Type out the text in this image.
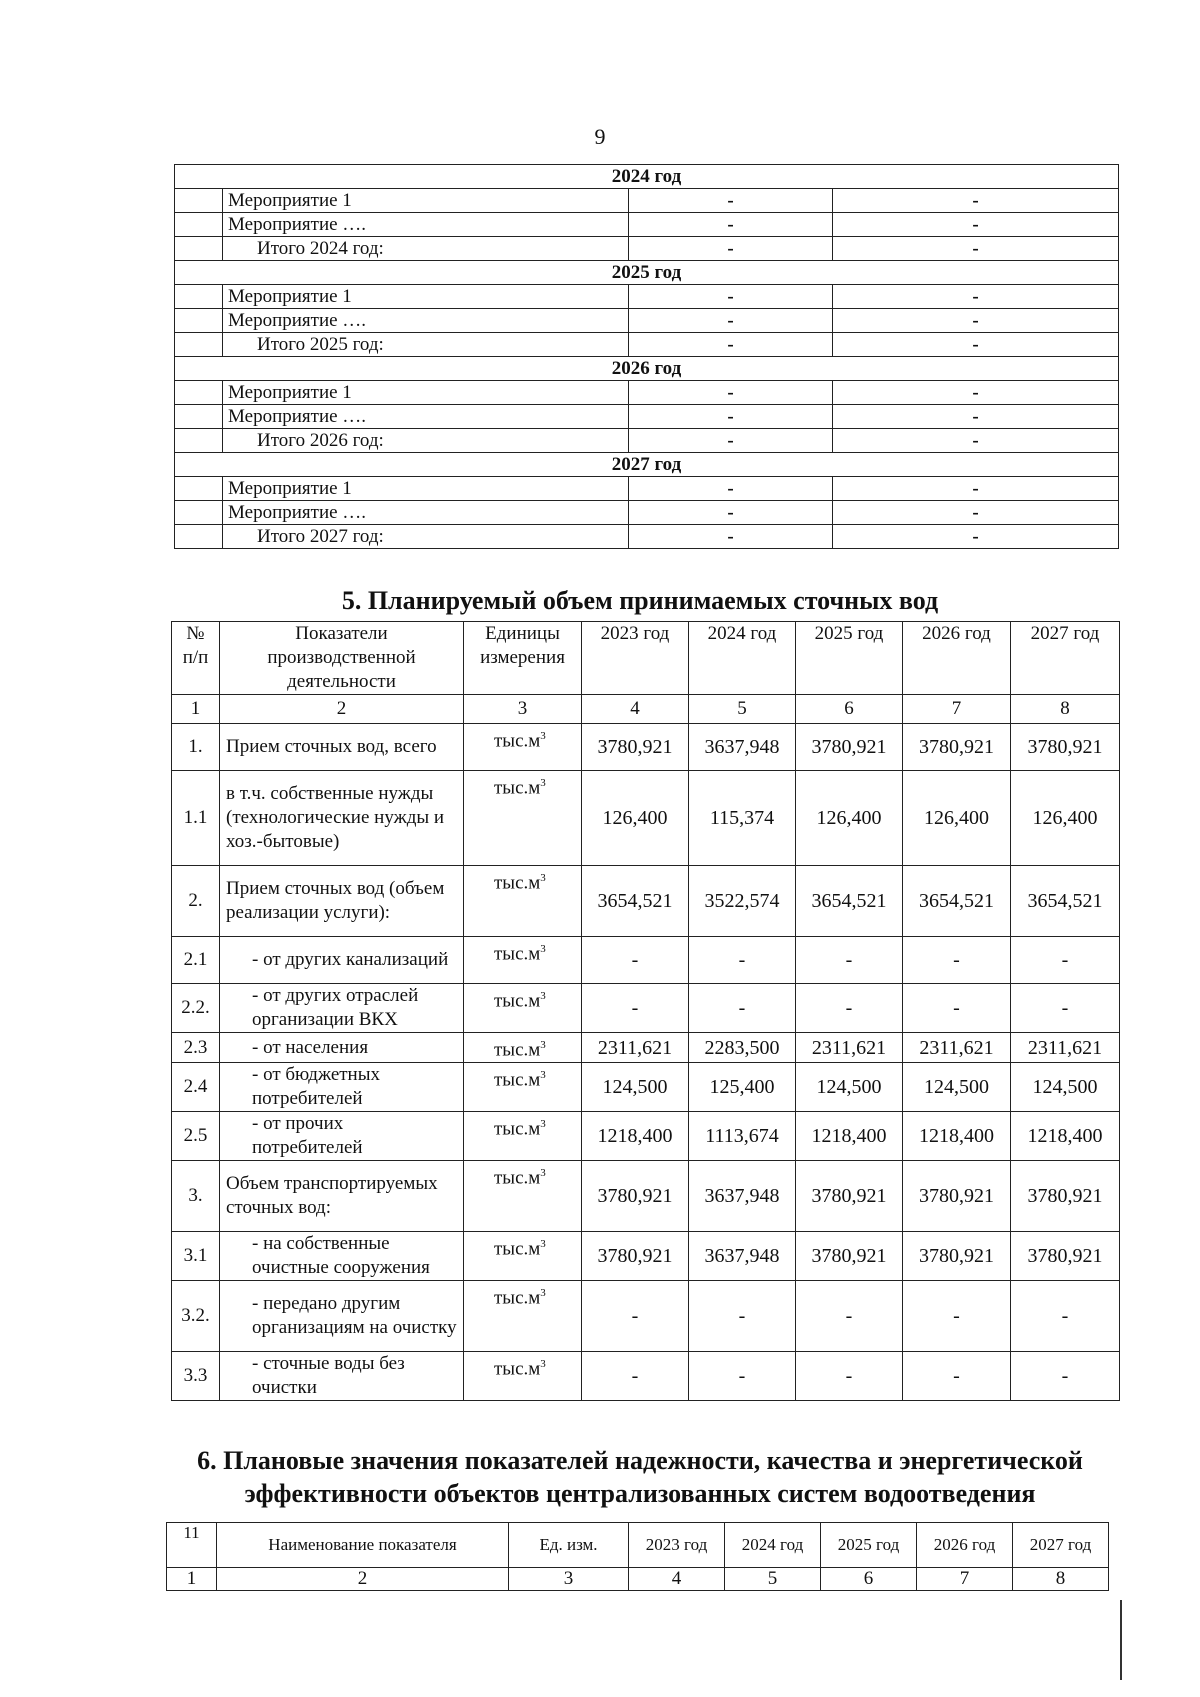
9
2024 год			
	Мероприятие 1	-	-
	Мероприятие ….	-	-
	Итого 2024 год:	-	-
2025 год			
	Мероприятие 1	-	-
	Мероприятие ….	-	-
	Итого 2025 год:	-	-
2026 год			
	Мероприятие 1	-	-
	Мероприятие ….	-	-
	Итого 2026 год:	-	-
2027 год			
	Мероприятие 1	-	-
	Мероприятие ….	-	-
	Итого 2027 год:	-	-
5. Планируемый объем принимаемых сточных вод
№ п/п	Показатели производственной деятельности	Единицы измерения	2023 год	2024 год	2025 год	2026 год	2027 год
1	2	3	4	5	6	7	8
1.	Прием сточных вод, всего	$тыс.м^3$	3780,921	3637,948	3780,921	3780,921	3780,921
1.1	в т.ч. собственные нужды (технологические нужды и хоз.-бытовые)	$тыс.м^3$	126,400	115,374	126,400	126,400	126,400
2.	Прием сточных вод (объем реализации услуги):	$тыс.м^3$	3654,521	3522,574	3654,521	3654,521	3654,521
2.1	- от других канализаций	$тыс.м^3$	-	-	-	-	-
2.2.	- от других отраслей организации ВКХ	$тыс.м^3$	-	-	-	-	-
2.3	- от населения	$тыс.м^3$	2311,621	2283,500	2311,621	2311,621	2311,621
2.4	- от бюджетных потребителей	$тыс.м^3$	124,500	125,400	124,500	124,500	124,500
2.5	- от прочих потребителей	$тыс.м^3$	1218,400	1113,674	1218,400	1218,400	1218,400
3.	Объем транспортируемых сточных вод:	$тыс.м^3$	3780,921	3637,948	3780,921	3780,921	3780,921
3.1	- на собственные очистные сооружения	$тыс.м^3$	3780,921	3637,948	3780,921	3780,921	3780,921
3.2.	- передано другим организациям на очистку	$тыс.м^3$	-	-	-	-	-
3.3	- сточные воды без очистки	$тыс.м^3$	-	-	-	-	-
6. Плановые значения показателей надежности, качества и энергетической эффективности объектов централизованных систем водоотведения
11	Наименование показателя	Ед. изм.	2023 год	2024 год	2025 год	2026 год	2027 год
1	2	3	4	5	6	7	8
